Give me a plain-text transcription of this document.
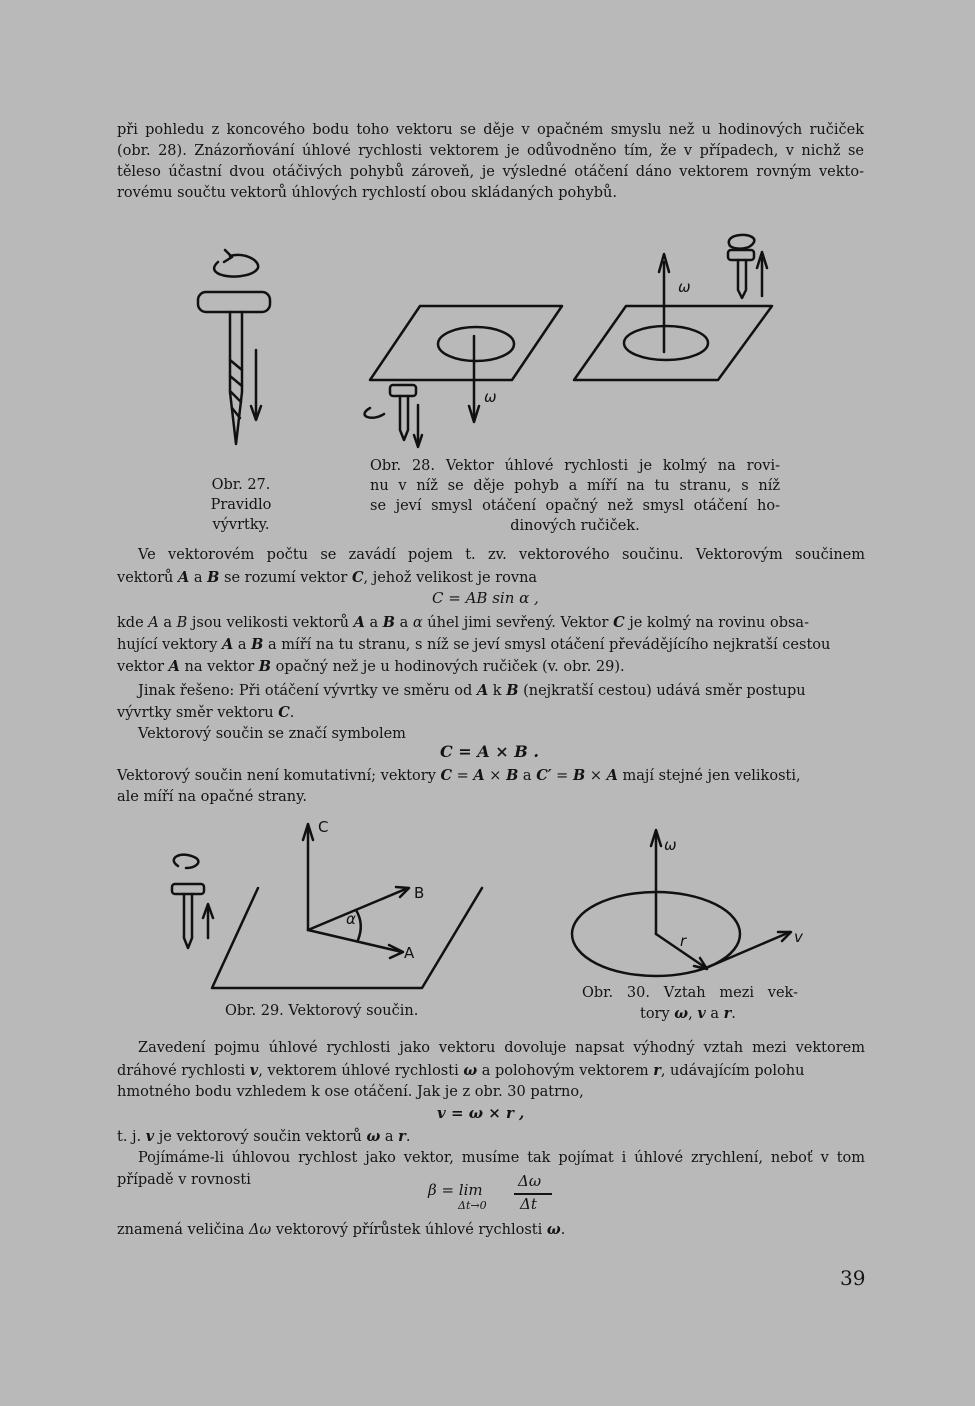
při pohledu z koncového bodu toho vektoru se děje v opačném smyslu než u hodinových ručiček

(obr. 28). Znázorňování úhlové rychlosti vektorem je odůvodněno tím, že v případech, v nichž se

těleso účastní dvou otáčivých pohybů zároveň, je výsledné otáčení dáno vektorem rovným vekto-

rovému součtu vektorů úhlových rychlostí obou skládaných pohybů.

ω
ω

Obr. 27.

Pravidlo

vývrtky.

Obr. 28. Vektor úhlové rychlosti je kolmý na rovi-

nu v níž se děje pohyb a míří na tu stranu, s níž

se jeví smysl otáčení opačný než smysl otáčení ho-

dinových ručiček.

Ve vektorovém počtu se zavádí pojem t. zv. vektorového součinu. Vektorovým součinem

vektorů A a B se rozumí vektor C, jehož velikost je rovna

C = AB sin α ,

kde A a B jsou velikosti vektorů A a B a α úhel jimi sevřený. Vektor C je kolmý na rovinu obsa-

hující vektory A a B a míří na tu stranu, s níž se jeví smysl otáčení převádějícího nejkratší cestou

vektor A na vektor B opačný než je u hodinových ručiček (v. obr. 29).

Jinak řešeno: Při otáčení vývrtky ve směru od A k B (nejkratší cestou) udává směr postupu

vývrtky směr vektoru C.

Vektorový součin se značí symbolem

C = A × B .

Vektorový součin není komutativní; vektory C = A × B a C′ = B × A mají stejné jen velikosti,

ale míří na opačné strany.

C
B
A
α
ω
r	v

Obr. 29. Vektorový součin.

Obr. 30. Vztah mezi vek-

tory ω, v a r.

Zavedení pojmu úhlové rychlosti jako vektoru dovoluje napsat výhodný vztah mezi vektorem

dráhové rychlosti v, vektorem úhlové rychlosti ω a polohovým vektorem r, udávajícím polohu

hmotného bodu vzhledem k ose otáčení. Jak je z obr. 30 patrno,

v = ω × r ,

t. j. v je vektorový součin vektorů ω a r.

Pojímáme-li úhlovou rychlost jako vektor, musíme tak pojímat i úhlové zrychlení, neboť v tom

případě v rovnosti

β = lim
Δt→0
Δω
Δt

znamená veličina Δω vektorový přírůstek úhlové rychlosti ω.

39
